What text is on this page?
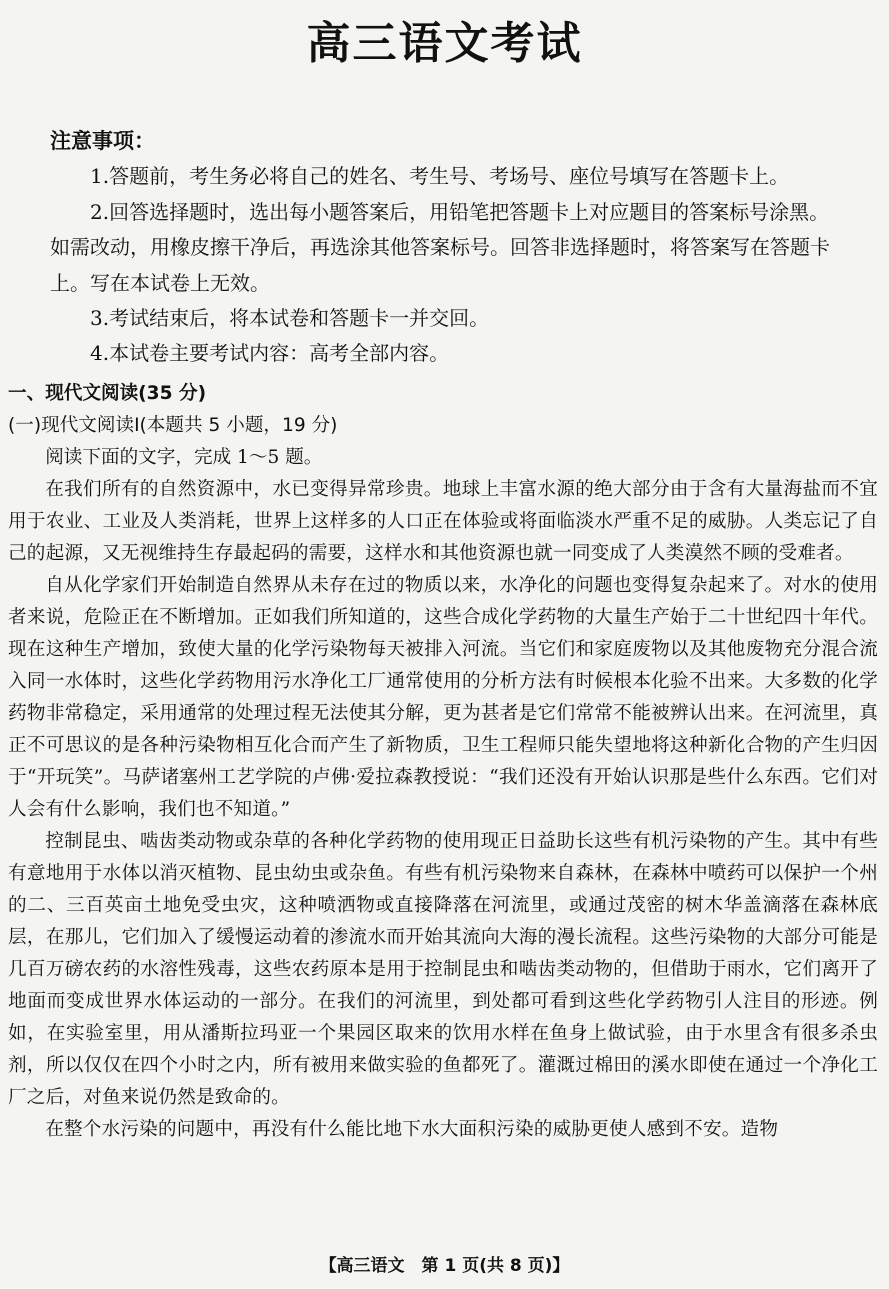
高三语文考试
注意事项：

1.答题前，考生务必将自己的姓名、考生号、考场号、座位号填写在答题卡上。

2.回答选择题时，选出每小题答案后，用铅笔把答题卡上对应题目的答案标号涂黑。如需改动，用橡皮擦干净后，再选涂其他答案标号。回答非选择题时，将答案写在答题卡上。写在本试卷上无效。

3.考试结束后，将本试卷和答题卡一并交回。

4.本试卷主要考试内容：高考全部内容。

一、现代文阅读(35 分)
(一)现代文阅读Ⅰ(本题共 5 小题，19 分)
阅读下面的文字，完成 1～5 题。

在我们所有的自然资源中，水已变得异常珍贵。地球上丰富水源的绝大部分由于含有大量海盐而不宜用于农业、工业及人类消耗，世界上这样多的人口正在体验或将面临淡水严重不足的威胁。人类忘记了自己的起源，又无视维持生存最起码的需要，这样水和其他资源也就一同变成了人类漠然不顾的受难者。

自从化学家们开始制造自然界从未存在过的物质以来，水净化的问题也变得复杂起来了。对水的使用者来说，危险正在不断增加。正如我们所知道的，这些合成化学药物的大量生产始于二十世纪四十年代。现在这种生产增加，致使大量的化学污染物每天被排入河流。当它们和家庭废物以及其他废物充分混合流入同一水体时，这些化学药物用污水净化工厂通常使用的分析方法有时候根本化验不出来。大多数的化学药物非常稳定，采用通常的处理过程无法使其分解，更为甚者是它们常常不能被辨认出来。在河流里，真正不可思议的是各种污染物相互化合而产生了新物质，卫生工程师只能失望地将这种新化合物的产生归因于“开玩笑”。马萨诸塞州工艺学院的卢佛·爱拉森教授说：“我们还没有开始认识那是些什么东西。它们对人会有什么影响，我们也不知道。”

控制昆虫、啮齿类动物或杂草的各种化学药物的使用现正日益助长这些有机污染物的产生。其中有些有意地用于水体以消灭植物、昆虫幼虫或杂鱼。有些有机污染物来自森林，在森林中喷药可以保护一个州的二、三百英亩土地免受虫灾，这种喷洒物或直接降落在河流里，或通过茂密的树木华盖滴落在森林底层，在那儿，它们加入了缓慢运动着的渗流水而开始其流向大海的漫长流程。这些污染物的大部分可能是几百万磅农药的水溶性残毒，这些农药原本是用于控制昆虫和啮齿类动物的，但借助于雨水，它们离开了地面而变成世界水体运动的一部分。在我们的河流里，到处都可看到这些化学药物引人注目的形迹。例如，在实验室里，用从潘斯拉玛亚一个果园区取来的饮用水样在鱼身上做试验，由于水里含有很多杀虫剂，所以仅仅在四个小时之内，所有被用来做实验的鱼都死了。灌溉过棉田的溪水即使在通过一个净化工厂之后，对鱼来说仍然是致命的。

在整个水污染的问题中，再没有什么能比地下水大面积污染的威胁更使人感到不安。造物

【高三语文　第 1 页(共 8 页)】
